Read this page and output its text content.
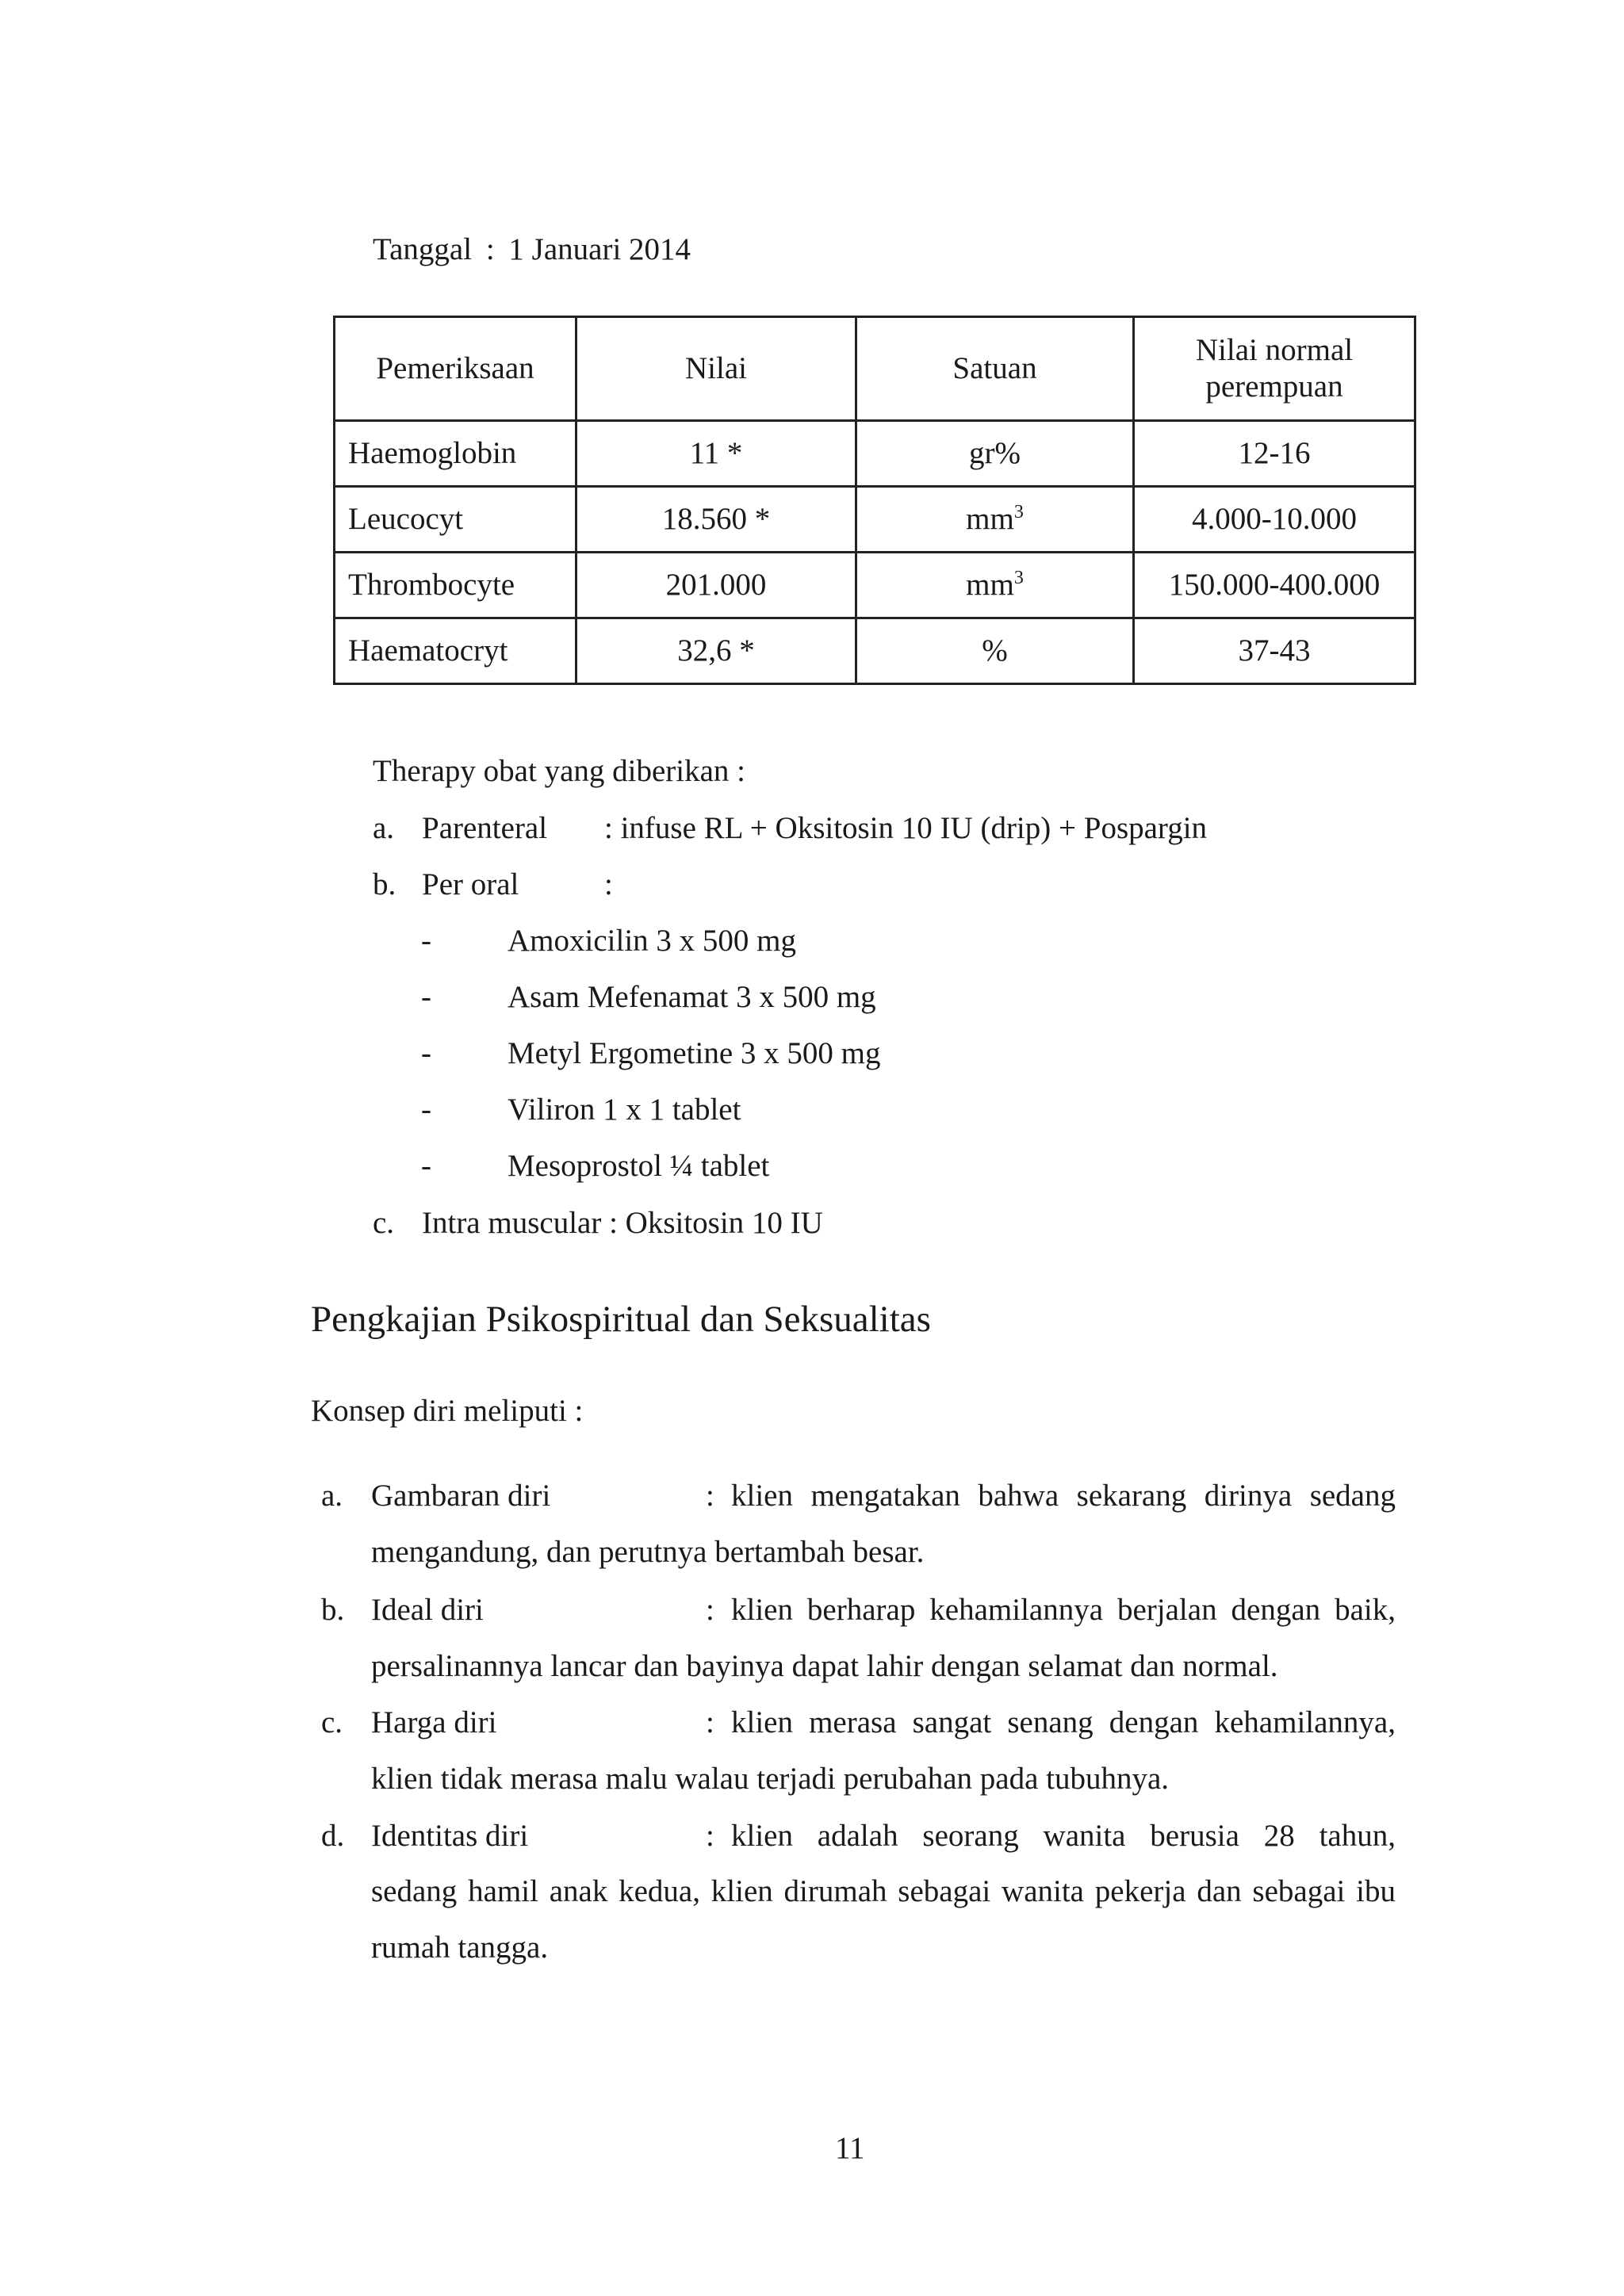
Tanggal : 1 Januari 2014
Pemeriksaan	Nilai	Satuan	Nilai normal perempuan
Haemoglobin	11 *	gr%	12-16
Leucocyt	18.560 *	$mm^3$	4.000-10.000
Thrombocyte	201.000	$mm^3$	150.000-400.000
Haematocryt	32,6 *	%	37-43
Therapy obat yang diberikan :
a. Parenteral : infuse RL + Oksitosin 10 IU (drip) + Pospargin
b. Per oral	:
- Amoxicilin 3 x 500 mg
- Asam Mefenamat 3 x 500 mg
- Metyl Ergometine 3 x 500 mg
- Viliron 1 x 1 tablet
- Mesoprostol ¼ tablet
c. Intra muscular : Oksitosin 10 IU
Pengkajian Psikospiritual dan Seksualitas
Konsep diri meliputi :
a. Gambaran diri	: klien mengatakan bahwa sekarang dirinya sedang
mengandung, dan perutnya bertambah besar.
b. Ideal diri	: klien berharap kehamilannya berjalan dengan baik,
persalinannya lancar dan bayinya dapat lahir dengan selamat dan normal.
c. Harga diri	: klien merasa sangat senang dengan kehamilannya,
klien tidak merasa malu walau terjadi perubahan pada tubuhnya.
d. Identitas diri	: klien adalah seorang wanita berusia 28 tahun,
sedang hamil anak kedua, klien dirumah sebagai wanita pekerja dan sebagai ibu rumah tangga.
11
